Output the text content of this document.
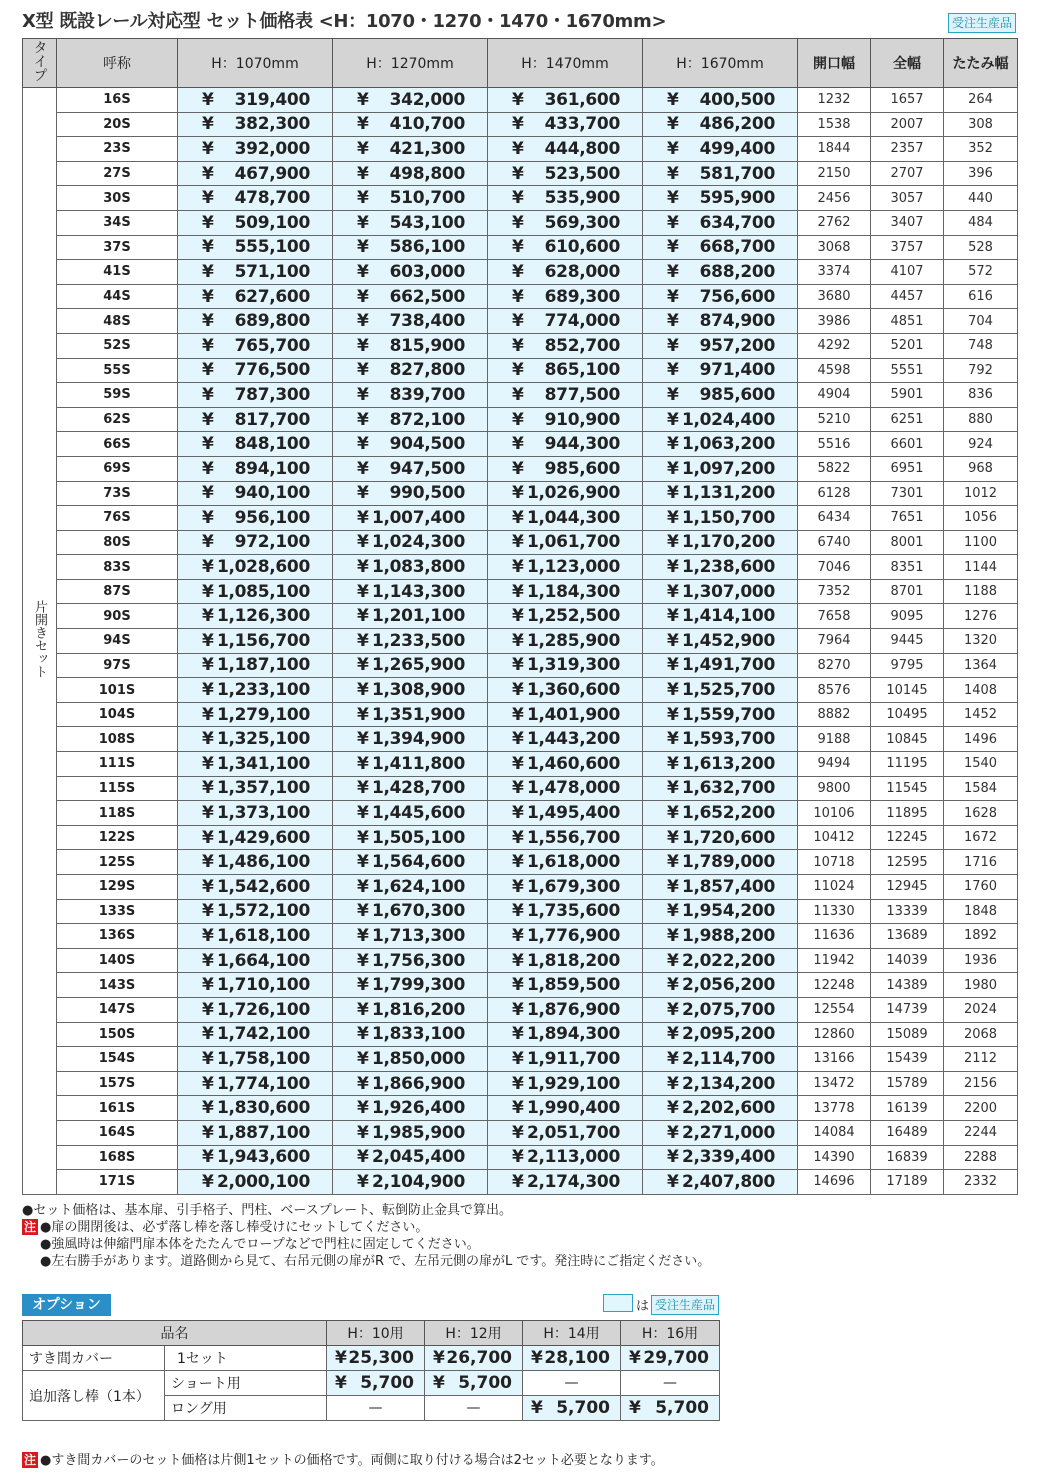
X型 既設レール対応型 セット価格表 <H：1070・1270・1470・1670mm>	受注生産品
タイプ	呼称	H：1070mm	H：1270mm	H：1470mm	H：1670mm	開口幅	全幅	たたみ幅
片開きセット	16S	¥ 319,400	¥ 342,000	¥ 361,600	¥ 400,500	1232	1657	264
	20S	¥ 382,300	¥ 410,700	¥ 433,700	¥ 486,200	1538	2007	308
	23S	¥ 392,000	¥ 421,300	¥ 444,800	¥ 499,400	1844	2357	352
	27S	¥ 467,900	¥ 498,800	¥ 523,500	¥ 581,700	2150	2707	396
	30S	¥ 478,700	¥ 510,700	¥ 535,900	¥ 595,900	2456	3057	440
	34S	¥ 509,100	¥ 543,100	¥ 569,300	¥ 634,700	2762	3407	484
	37S	¥ 555,100	¥ 586,100	¥ 610,600	¥ 668,700	3068	3757	528
	41S	¥ 571,100	¥ 603,000	¥ 628,000	¥ 688,200	3374	4107	572
	44S	¥ 627,600	¥ 662,500	¥ 689,300	¥ 756,600	3680	4457	616
	48S	¥ 689,800	¥ 738,400	¥ 774,000	¥ 874,900	3986	4851	704
	52S	¥ 765,700	¥ 815,900	¥ 852,700	¥ 957,200	4292	5201	748
	55S	¥ 776,500	¥ 827,800	¥ 865,100	¥ 971,400	4598	5551	792
	59S	¥ 787,300	¥ 839,700	¥ 877,500	¥ 985,600	4904	5901	836
	62S	¥ 817,700	¥ 872,100	¥ 910,900	¥ 1,024,400	5210	6251	880
	66S	¥ 848,100	¥ 904,500	¥ 944,300	¥ 1,063,200	5516	6601	924
	69S	¥ 894,100	¥ 947,500	¥ 985,600	¥ 1,097,200	5822	6951	968
	73S	¥ 940,100	¥ 990,500	¥ 1,026,900	¥ 1,131,200	6128	7301	1012
	76S	¥ 956,100	¥ 1,007,400	¥ 1,044,300	¥ 1,150,700	6434	7651	1056
	80S	¥ 972,100	¥ 1,024,300	¥ 1,061,700	¥ 1,170,200	6740	8001	1100
	83S	¥ 1,028,600	¥ 1,083,800	¥ 1,123,000	¥ 1,238,600	7046	8351	1144
	87S	¥ 1,085,100	¥ 1,143,300	¥ 1,184,300	¥ 1,307,000	7352	8701	1188
	90S	¥ 1,126,300	¥ 1,201,100	¥ 1,252,500	¥ 1,414,100	7658	9095	1276
	94S	¥ 1,156,700	¥ 1,233,500	¥ 1,285,900	¥ 1,452,900	7964	9445	1320
	97S	¥ 1,187,100	¥ 1,265,900	¥ 1,319,300	¥ 1,491,700	8270	9795	1364
	101S	¥ 1,233,100	¥ 1,308,900	¥ 1,360,600	¥ 1,525,700	8576	10145	1408
	104S	¥ 1,279,100	¥ 1,351,900	¥ 1,401,900	¥ 1,559,700	8882	10495	1452
	108S	¥ 1,325,100	¥ 1,394,900	¥ 1,443,200	¥ 1,593,700	9188	10845	1496
	111S	¥ 1,341,100	¥ 1,411,800	¥ 1,460,600	¥ 1,613,200	9494	11195	1540
	115S	¥ 1,357,100	¥ 1,428,700	¥ 1,478,000	¥ 1,632,700	9800	11545	1584
	118S	¥ 1,373,100	¥ 1,445,600	¥ 1,495,400	¥ 1,652,200	10106	11895	1628
	122S	¥ 1,429,600	¥ 1,505,100	¥ 1,556,700	¥ 1,720,600	10412	12245	1672
	125S	¥ 1,486,100	¥ 1,564,600	¥ 1,618,000	¥ 1,789,000	10718	12595	1716
	129S	¥ 1,542,600	¥ 1,624,100	¥ 1,679,300	¥ 1,857,400	11024	12945	1760
	133S	¥ 1,572,100	¥ 1,670,300	¥ 1,735,600	¥ 1,954,200	11330	13339	1848
	136S	¥ 1,618,100	¥ 1,713,300	¥ 1,776,900	¥ 1,988,200	11636	13689	1892
	140S	¥ 1,664,100	¥ 1,756,300	¥ 1,818,200	¥ 2,022,200	11942	14039	1936
	143S	¥ 1,710,100	¥ 1,799,300	¥ 1,859,500	¥ 2,056,200	12248	14389	1980
	147S	¥ 1,726,100	¥ 1,816,200	¥ 1,876,900	¥ 2,075,700	12554	14739	2024
	150S	¥ 1,742,100	¥ 1,833,100	¥ 1,894,300	¥ 2,095,200	12860	15089	2068
	154S	¥ 1,758,100	¥ 1,850,000	¥ 1,911,700	¥ 2,114,700	13166	15439	2112
	157S	¥ 1,774,100	¥ 1,866,900	¥ 1,929,100	¥ 2,134,200	13472	15789	2156
	161S	¥ 1,830,600	¥ 1,926,400	¥ 1,990,400	¥ 2,202,600	13778	16139	2200
	164S	¥ 1,887,100	¥ 1,985,900	¥ 2,051,700	¥ 2,271,000	14084	16489	2244
	168S	¥ 1,943,600	¥ 2,045,400	¥ 2,113,000	¥ 2,339,400	14390	16839	2288
	171S	¥ 2,000,100	¥ 2,104,900	¥ 2,174,300	¥ 2,407,800	14696	17189	2332
●セット価格は、基本扉、引手格子、門柱、ベースプレート、転倒防止金具で算出。
注 ●扉の開閉後は、必ず落し棒を落し棒受けにセットしてください。
●強風時は伸縮門扉本体をたたんでロープなどで門柱に固定してください。
●左右勝手があります。道路側から見て、右吊元側の扉がR で、左吊元側の扉がL です。発注時にご指定ください。
オプション	は 受注生産品
品名		H：10用	H：12用	H：14用	H：16用
すき間カバー	1セット	¥ 25,300	¥ 26,700	¥ 28,100	¥ 29,700

追加落し棒（1本）	ショート用	¥ 5,700	¥ 5,700	—	—
	ロング用	—	—	¥ 5,700	¥ 5,700
注 ●すき間カバーのセット価格は片側1セットの価格です。両側に取り付ける場合は2セット必要となります。
